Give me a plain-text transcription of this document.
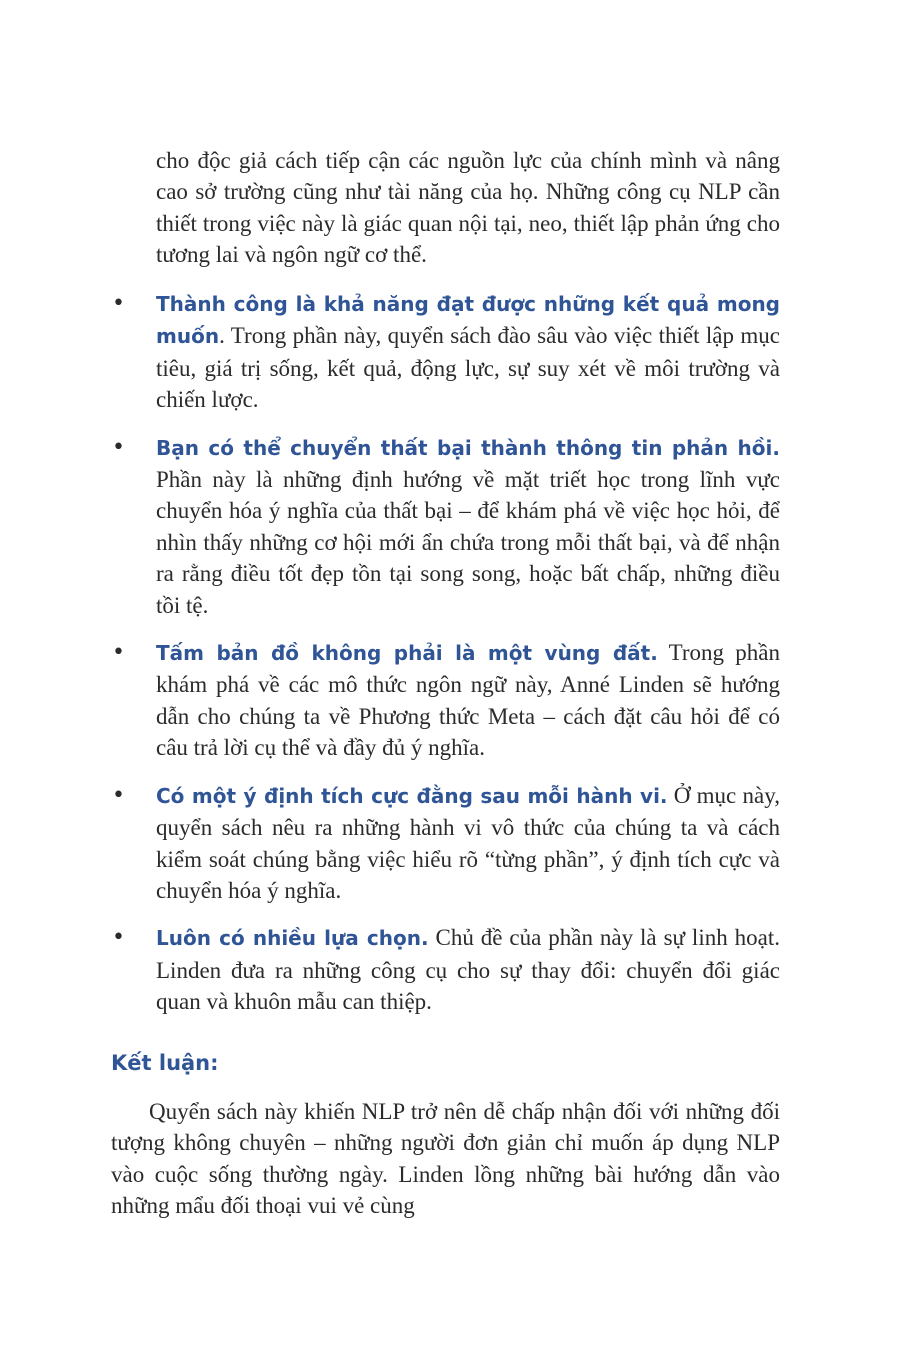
cho độc giả cách tiếp cận các nguồn lực của chính mình và nâng cao sở trường cũng như tài năng của họ. Những công cụ NLP cần thiết trong việc này là giác quan nội tại, neo, thiết lập phản ứng cho tương lai và ngôn ngữ cơ thể.

• Thành công là khả năng đạt được những kết quả mong muốn. Trong phần này, quyển sách đào sâu vào việc thiết lập mục tiêu, giá trị sống, kết quả, động lực, sự suy xét về môi trường và chiến lược.

• Bạn có thể chuyển thất bại thành thông tin phản hồi. Phần này là những định hướng về mặt triết học trong lĩnh vực chuyển hóa ý nghĩa của thất bại – để khám phá về việc học hỏi, để nhìn thấy những cơ hội mới ẩn chứa trong mỗi thất bại, và để nhận ra rằng điều tốt đẹp tồn tại song song, hoặc bất chấp, những điều tồi tệ.

• Tấm bản đồ không phải là một vùng đất. Trong phần khám phá về các mô thức ngôn ngữ này, Anné Linden sẽ hướng dẫn cho chúng ta về Phương thức Meta – cách đặt câu hỏi để có câu trả lời cụ thể và đầy đủ ý nghĩa.

• Có một ý định tích cực đằng sau mỗi hành vi. Ở mục này, quyển sách nêu ra những hành vi vô thức của chúng ta và cách kiểm soát chúng bằng việc hiểu rõ “từng phần”, ý định tích cực và chuyển hóa ý nghĩa.

• Luôn có nhiều lựa chọn. Chủ đề của phần này là sự linh hoạt. Linden đưa ra những công cụ cho sự thay đổi: chuyển đổi giác quan và khuôn mẫu can thiệp.

Kết luận:

Quyển sách này khiến NLP trở nên dễ chấp nhận đối với những đối tượng không chuyên – những người đơn giản chỉ muốn áp dụng NLP vào cuộc sống thường ngày. Linden lồng những bài hướng dẫn vào những mẩu đối thoại vui vẻ cùng
